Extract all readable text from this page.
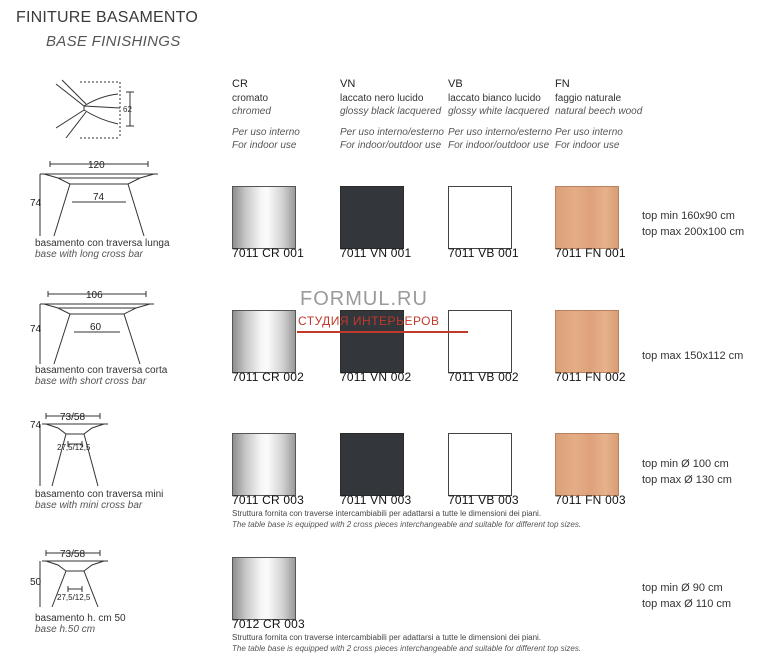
FINITURE BASAMENTO
BASE FINISHINGS
CR
cromato
chromed
Per uso interno
For indoor use
VN
laccato nero lucido
glossy black lacquered
Per uso interno/esterno
For indoor/outdoor use
VB
laccato bianco lucido
glossy white lacquered
Per uso interno/esterno
For indoor/outdoor use
FN
faggio naturale
natural beech wood
Per uso interno
For indoor use
62
120
74
74
basamento con traversa lunga
base with long cross bar	7011 CR 001	7011 VN 001	7011 VB 001	7011 FN 001
top min 160x90 cm
top max 200x100 cm
106
74	60
basamento con traversa corta
base with short cross bar	7011 CR 002	7011 VN 002	7011 VB 002	7011 FN 002
top max 150x112 cm
FORMUL.RU
СТУДИЯ ИНТЕРЬЕРОВ
73/58
74
27,5/12,5
basamento con traversa mini
base with mini cross bar	7011 CR 003	7011 VN 003	7011 VB 003	7011 FN 003
Struttura fornita con traverse intercambiabili per adattarsi a tutte le dimensioni dei piani.
The table base is equipped with 2 cross pieces interchangeable and suitable for different top sizes.
top min Ø 100 cm
top max Ø 130 cm
73/58
50
27,5/12,5
basamento h. cm 50
base h.50 cm	7012 CR 003
Struttura fornita con traverse intercambiabili per adattarsi a tutte le dimensioni dei piani.
The table base is equipped with 2 cross pieces interchangeable and suitable for different top sizes.
top min Ø 90 cm
top max Ø 110 cm
